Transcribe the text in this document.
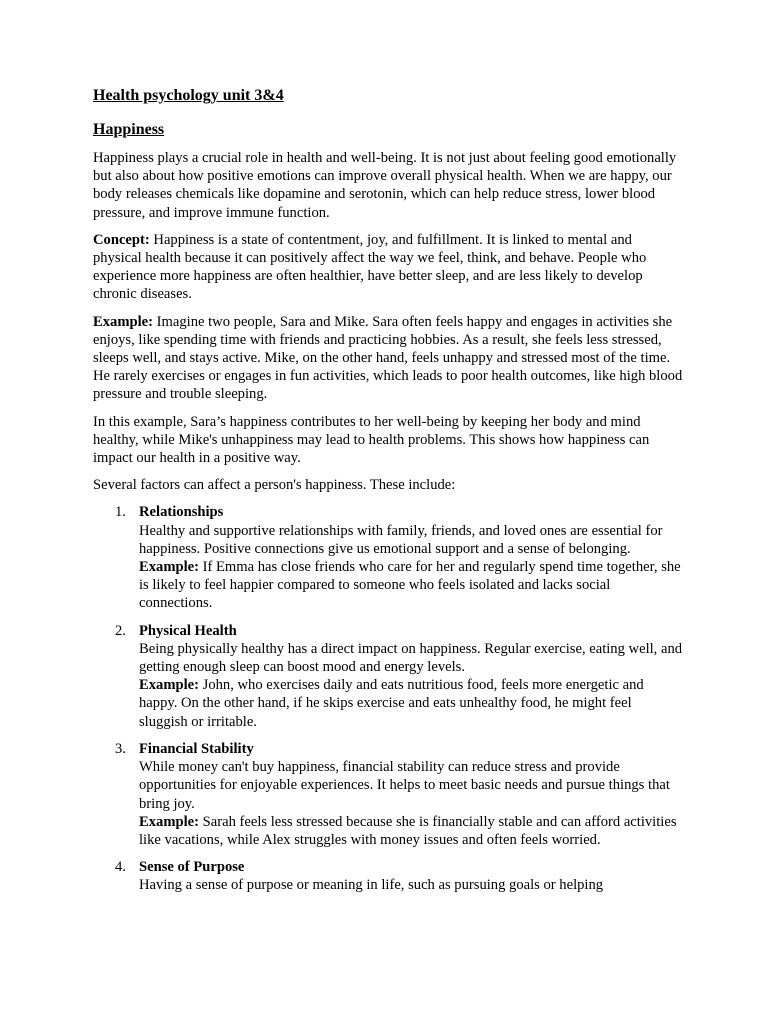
Health psychology unit 3&4
Happiness

Happiness plays a crucial role in health and well-being. It is not just about feeling good emotionally but also about how positive emotions can improve overall physical health. When we are happy, our body releases chemicals like dopamine and serotonin, which can help reduce stress, lower blood pressure, and improve immune function.

Concept: Happiness is a state of contentment, joy, and fulfillment. It is linked to mental and physical health because it can positively affect the way we feel, think, and behave. People who experience more happiness are often healthier, have better sleep, and are less likely to develop chronic diseases.

Example: Imagine two people, Sara and Mike. Sara often feels happy and engages in activities she enjoys, like spending time with friends and practicing hobbies. As a result, she feels less stressed, sleeps well, and stays active. Mike, on the other hand, feels unhappy and stressed most of the time. He rarely exercises or engages in fun activities, which leads to poor health outcomes, like high blood pressure and trouble sleeping.

In this example, Sara’s happiness contributes to her well-being by keeping her body and mind healthy, while Mike's unhappiness may lead to health problems. This shows how happiness can impact our health in a positive way.

Several factors can affect a person's happiness. These include:

1. Relationships
Healthy and supportive relationships with family, friends, and loved ones are essential for happiness. Positive connections give us emotional support and a sense of belonging.
Example: If Emma has close friends who care for her and regularly spend time together, she is likely to feel happier compared to someone who feels isolated and lacks social connections.
2. Physical Health
Being physically healthy has a direct impact on happiness. Regular exercise, eating well, and getting enough sleep can boost mood and energy levels.
Example: John, who exercises daily and eats nutritious food, feels more energetic and happy. On the other hand, if he skips exercise and eats unhealthy food, he might feel sluggish or irritable.
3. Financial Stability
While money can't buy happiness, financial stability can reduce stress and provide opportunities for enjoyable experiences. It helps to meet basic needs and pursue things that bring joy.
Example: Sarah feels less stressed because she is financially stable and can afford activities like vacations, while Alex struggles with money issues and often feels worried.
4. Sense of Purpose
Having a sense of purpose or meaning in life, such as pursuing goals or helping
